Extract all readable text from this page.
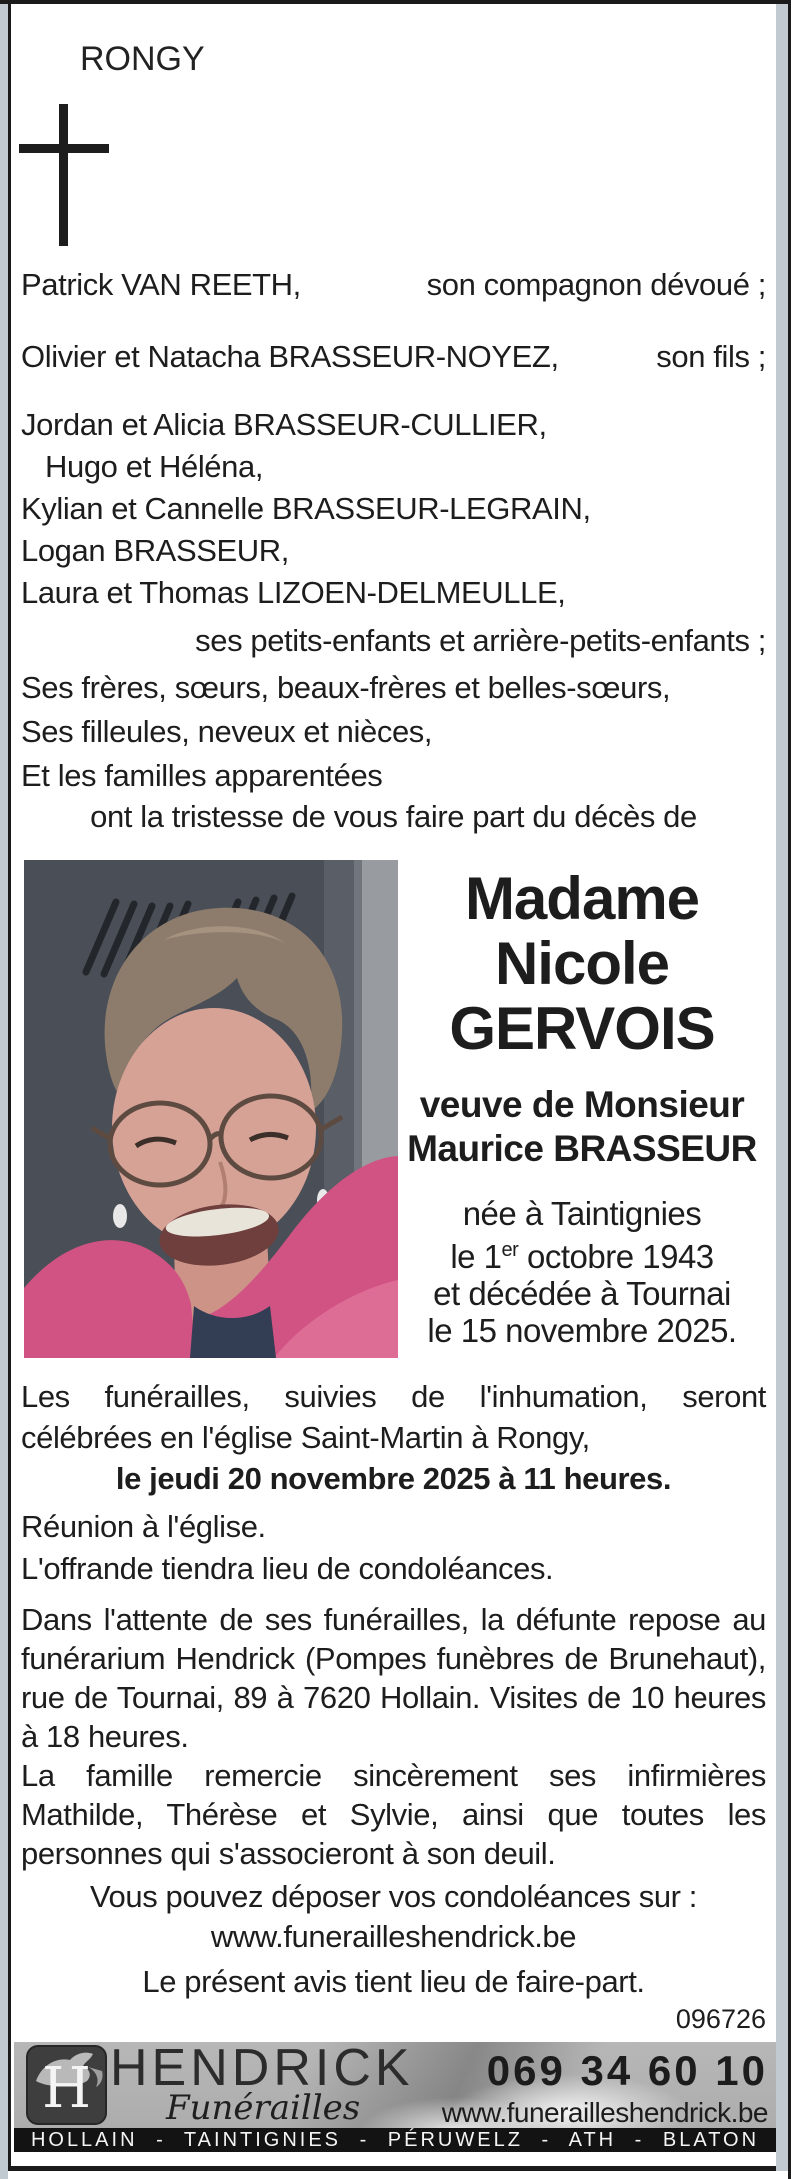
RONGY
Patrick VAN REETH,	son compagnon dévoué ;
Olivier et Natacha BRASSEUR-NOYEZ,	son fils ;
Jordan et Alicia BRASSEUR-CULLIER,
Hugo et Héléna,
Kylian et Cannelle BRASSEUR-LEGRAIN,
Logan BRASSEUR,
Laura et Thomas LIZOEN-DELMEULLE,
ses petits-enfants et arrière-petits-enfants ;
Ses frères, sœurs, beaux-frères et belles-sœurs,
Ses filleules, neveux et nièces,
Et les familles apparentées
ont la tristesse de vous faire part du décès de
Madame
Nicole
GERVOIS
veuve de Monsieur
Maurice BRASSEUR
née à Taintignies
le 1er octobre 1943
et décédée à Tournai
le 15 novembre 2025.
Les funérailles, suivies de l'inhumation, seront célébrées en l'église Saint-Martin à Rongy,
le jeudi 20 novembre 2025 à 11 heures.
Réunion à l'église.
L'offrande tiendra lieu de condoléances.
Dans l'attente de ses funérailles, la défunte repose au funérarium Hendrick (Pompes funèbres de Brunehaut), rue de Tournai, 89 à 7620 Hollain. Visites de 10 heures à 18 heures.
La famille remercie sincèrement ses infirmières Mathilde, Thérèse et Sylvie, ainsi que toutes les personnes qui s'associeront à son deuil.
Vous pouvez déposer vos condoléances sur :
www.funerailleshendrick.be
Le présent avis tient lieu de faire-part.
096726
H HENDRICK
Funérailles
069 34 60 10
www.funerailleshendrick.be
HOLLAIN - TAINTIGNIES - PÉRUWELZ - ATH - BLATON
